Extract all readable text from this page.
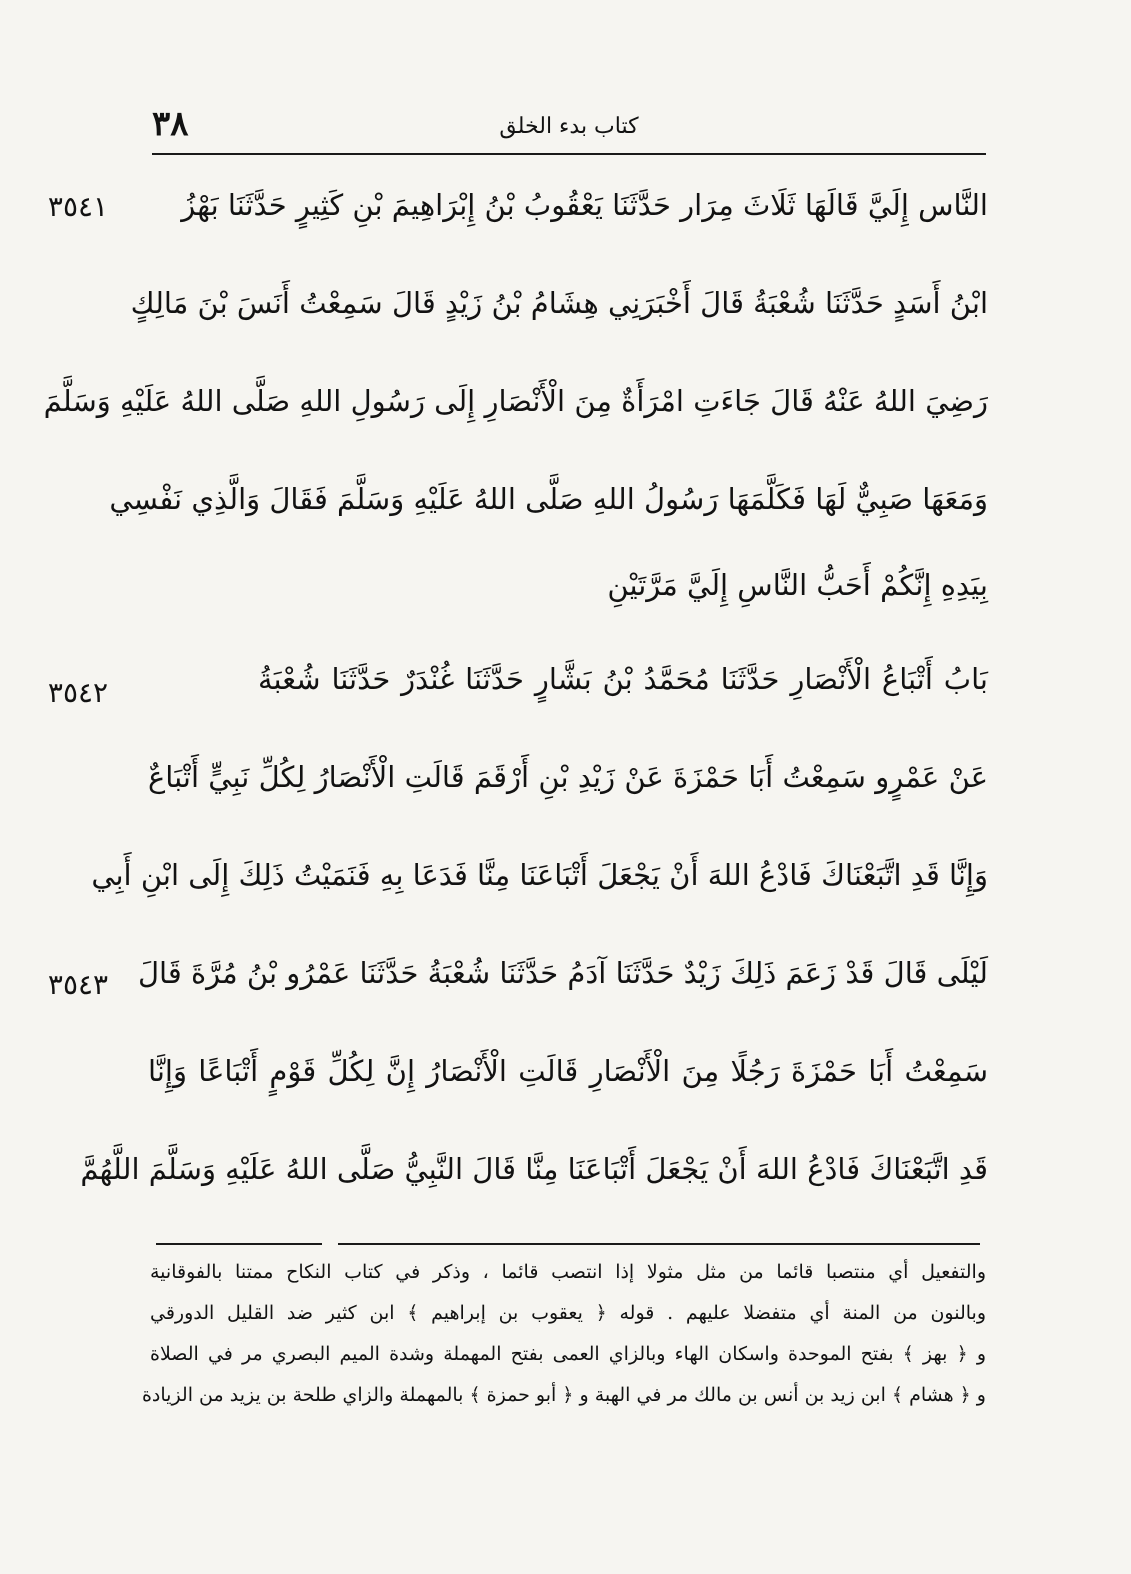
٣٨	كتاب بدء الخلق
٣٥٤١
٣٥٤٢
٣٥٤٣
النَّاس إِلَيَّ قَالَهَا ثَلَاثَ مِرَار حَدَّثَنَا يَعْقُوبُ بْنُ إِبْرَاهِيمَ بْنِ كَثِيرٍ حَدَّثَنَا بَهْزُ
ابْنُ أَسَدٍ حَدَّثَنَا شُعْبَةُ قَالَ أَخْبَرَنِي هِشَامُ بْنُ زَيْدٍ قَالَ سَمِعْتُ أَنَسَ بْنَ مَالِكٍ
رَضِيَ اللهُ عَنْهُ قَالَ جَاءَتِ امْرَأَةٌ مِنَ الْأَنْصَارِ إِلَى رَسُولِ اللهِ صَلَّى اللهُ عَلَيْهِ وَسَلَّمَ
وَمَعَهَا صَبِيٌّ لَهَا فَكَلَّمَهَا رَسُولُ اللهِ صَلَّى اللهُ عَلَيْهِ وَسَلَّمَ فَقَالَ وَالَّذِي نَفْسِي
بِيَدِهِ إِنَّكُمْ أَحَبُّ النَّاسِ إِلَيَّ مَرَّتَيْنِ
بَابُ أَتْبَاعُ الْأَنْصَارِ حَدَّثَنَا مُحَمَّدُ بْنُ بَشَّارٍ حَدَّثَنَا غُنْدَرٌ حَدَّثَنَا شُعْبَةُ
عَنْ عَمْرٍو سَمِعْتُ أَبَا حَمْزَةَ عَنْ زَيْدِ بْنِ أَرْقَمَ قَالَتِ الْأَنْصَارُ لِكُلِّ نَبِيٍّ أَتْبَاعٌ
وَإِنَّا قَدِ اتَّبَعْنَاكَ فَادْعُ اللهَ أَنْ يَجْعَلَ أَتْبَاعَنَا مِنَّا فَدَعَا بِهِ فَنَمَيْتُ ذَلِكَ إِلَى ابْنِ أَبِي
لَيْلَى قَالَ قَدْ زَعَمَ ذَلِكَ زَيْدٌ حَدَّثَنَا آدَمُ حَدَّثَنَا شُعْبَةُ حَدَّثَنَا عَمْرُو بْنُ مُرَّةَ قَالَ
سَمِعْتُ أَبَا حَمْزَةَ رَجُلًا مِنَ الْأَنْصَارِ قَالَتِ الْأَنْصَارُ إِنَّ لِكُلِّ قَوْمٍ أَتْبَاعًا وَإِنَّا
قَدِ اتَّبَعْنَاكَ فَادْعُ اللهَ أَنْ يَجْعَلَ أَتْبَاعَنَا مِنَّا قَالَ النَّبِيُّ صَلَّى اللهُ عَلَيْهِ وَسَلَّمَ اللَّهُمَّ
والتفعيل أي منتصبا قائما من مثل مثولا إذا انتصب قائما ، وذكر في كتاب النكاح ممتنا بالفوقانية
وبالنون من المنة أي متفضلا عليهم . قوله ﴿ يعقوب بن إبراهيم ﴾ ابن كثير ضد القليل الدورقي
و ﴿ بهز ﴾ بفتح الموحدة واسكان الهاء وبالزاي العمى بفتح المهملة وشدة الميم البصري مر في الصلاة
و ﴿ هشام ﴾ ابن زيد بن أنس بن مالك مر في الهبة و ﴿ أبو حمزة ﴾ بالمهملة والزاي طلحة بن يزيد من الزيادة
